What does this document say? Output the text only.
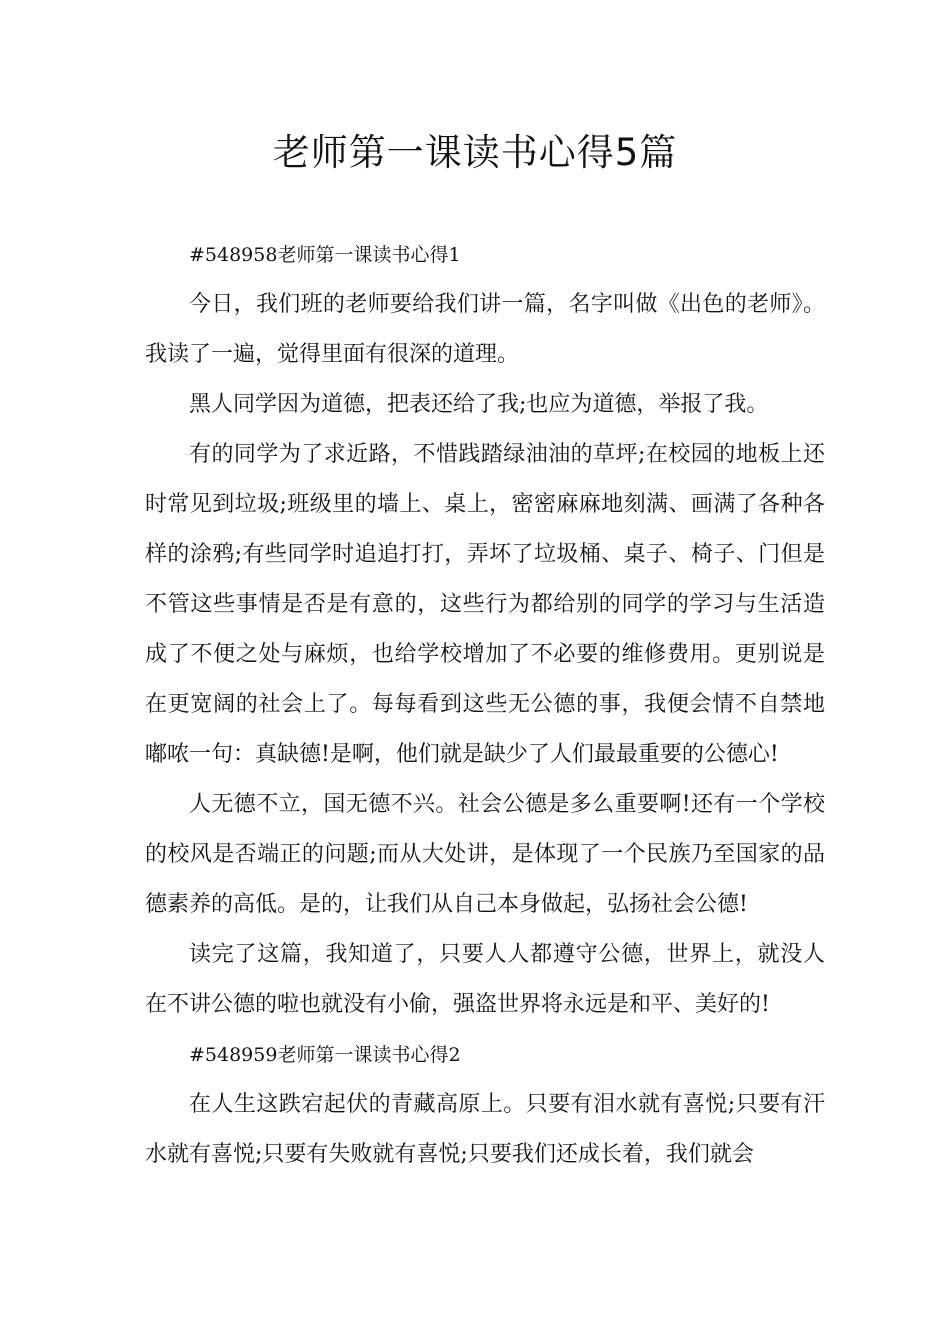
老师第一课读书心得5篇

#548958老师第一课读书心得1

今日，我们班的老师要给我们讲一篇，名字叫做《出色的老师》。我读了一遍，觉得里面有很深的道理。

黑人同学因为道德，把表还给了我;也应为道德，举报了我。

有的同学为了求近路，不惜践踏绿油油的草坪;在校园的地板上还时常见到垃圾;班级里的墙上、桌上，密密麻麻地刻满、画满了各种各样的涂鸦;有些同学时追追打打，弄坏了垃圾桶、桌子、椅子、门但是不管这些事情是否是有意的，这些行为都给别的同学的学习与生活造成了不便之处与麻烦，也给学校增加了不必要的维修费用。更别说是在更宽阔的社会上了。每每看到这些无公德的事，我便会情不自禁地嘟哝一句：真缺德!是啊，他们就是缺少了人们最最重要的公德心!

人无德不立，国无德不兴。社会公德是多么重要啊!还有一个学校的校风是否端正的问题;而从大处讲，是体现了一个民族乃至国家的品德素养的高低。是的，让我们从自己本身做起，弘扬社会公德!

读完了这篇，我知道了，只要人人都遵守公德，世界上，就没人在不讲公德的啦也就没有小偷，强盗世界将永远是和平、美好的!

#548959老师第一课读书心得2

在人生这跌宕起伏的青藏高原上。只要有泪水就有喜悦;只要有汗水就有喜悦;只要有失败就有喜悦;只要我们还成长着，我们就会
